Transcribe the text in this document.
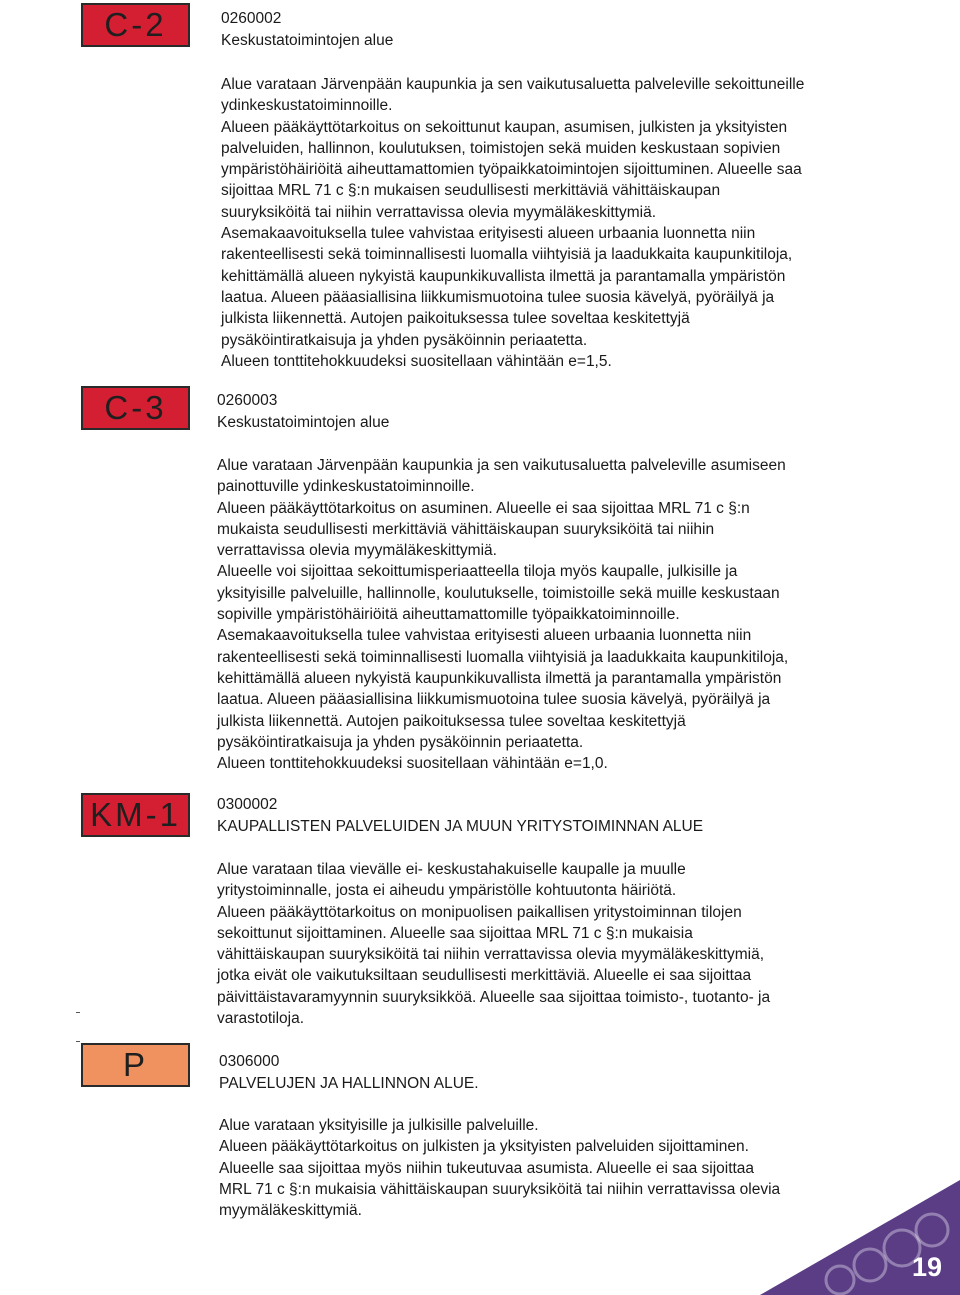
C-2	0260002
Keskustatoimintojen alue
Alue varataan Järvenpään kaupunkia ja sen vaikutusaluetta palveleville sekoittuneille
ydinkeskustatoiminnoille.
Alueen pääkäyttötarkoitus on sekoittunut kaupan, asumisen, julkisten ja yksityisten
palveluiden, hallinnon, koulutuksen, toimistojen sekä muiden keskustaan sopivien
ympäristöhäiriöitä aiheuttamattomien työpaikkatoimintojen sijoittuminen. Alueelle saa
sijoittaa MRL 71 c §:n mukaisen seudullisesti merkittäviä vähittäiskaupan
suuryksiköitä tai niihin verrattavissa olevia myymäläkeskittymiä.
Asemakaavoituksella tulee vahvistaa erityisesti alueen urbaania luonnetta niin
rakenteellisesti sekä toiminnallisesti luomalla viihtyisiä ja laadukkaita kaupunkitiloja,
kehittämällä alueen nykyistä kaupunkikuvallista ilmettä ja parantamalla ympäristön
laatua. Alueen pääasiallisina liikkumismuotoina tulee suosia kävelyä, pyöräilyä ja
julkista liikennettä. Autojen paikoituksessa tulee soveltaa keskitettyjä
pysäköintiratkaisuja ja yhden pysäköinnin periaatetta.
Alueen tonttitehokkuudeksi suositellaan vähintään e=1,5.
C-3	0260003
Keskustatoimintojen alue
Alue varataan Järvenpään kaupunkia ja sen vaikutusaluetta palveleville asumiseen
painottuville ydinkeskustatoiminnoille.
Alueen pääkäyttötarkoitus on asuminen. Alueelle ei saa sijoittaa MRL 71 c §:n
mukaista seudullisesti merkittäviä vähittäiskaupan suuryksiköitä tai niihin
verrattavissa olevia myymäläkeskittymiä.
Alueelle voi sijoittaa sekoittumisperiaatteella tiloja myös kaupalle, julkisille ja
yksityisille palveluille, hallinnolle, koulutukselle, toimistoille sekä muille keskustaan
sopiville ympäristöhäiriöitä aiheuttamattomille työpaikkatoiminnoille.
Asemakaavoituksella tulee vahvistaa erityisesti alueen urbaania luonnetta niin
rakenteellisesti sekä toiminnallisesti luomalla viihtyisiä ja laadukkaita kaupunkitiloja,
kehittämällä alueen nykyistä kaupunkikuvallista ilmettä ja parantamalla ympäristön
laatua. Alueen pääasiallisina liikkumismuotoina tulee suosia kävelyä, pyöräilyä ja
julkista liikennettä. Autojen paikoituksessa tulee soveltaa keskitettyjä
pysäköintiratkaisuja ja yhden pysäköinnin periaatetta.
Alueen tonttitehokkuudeksi suositellaan vähintään e=1,0.
KM-1	0300002
KAUPALLISTEN PALVELUIDEN JA MUUN YRITYSTOIMINNAN ALUE
Alue varataan tilaa vievälle ei- keskustahakuiselle kaupalle ja muulle
yritystoiminnalle, josta ei aiheudu ympäristölle kohtuutonta häiriötä.
Alueen pääkäyttötarkoitus on monipuolisen paikallisen yritystoiminnan tilojen
sekoittunut sijoittaminen. Alueelle saa sijoittaa MRL 71 c §:n mukaisia
vähittäiskaupan suuryksiköitä tai niihin verrattavissa olevia myymäläkeskittymiä,
jotka eivät ole vaikutuksiltaan seudullisesti merkittäviä. Alueelle ei saa sijoittaa
päivittäistavaramyynnin suuryksikköä. Alueelle saa sijoittaa toimisto-, tuotanto- ja
varastotiloja.
P	0306000
PALVELUJEN JA HALLINNON ALUE.
Alue varataan yksityisille ja julkisille palveluille.
Alueen pääkäyttötarkoitus on julkisten ja yksityisten palveluiden sijoittaminen.
Alueelle saa sijoittaa myös niihin tukeutuvaa asumista. Alueelle ei saa sijoittaa
MRL 71 c §:n mukaisia vähittäiskaupan suuryksiköitä tai niihin verrattavissa olevia
myymäläkeskittymiä.
19
